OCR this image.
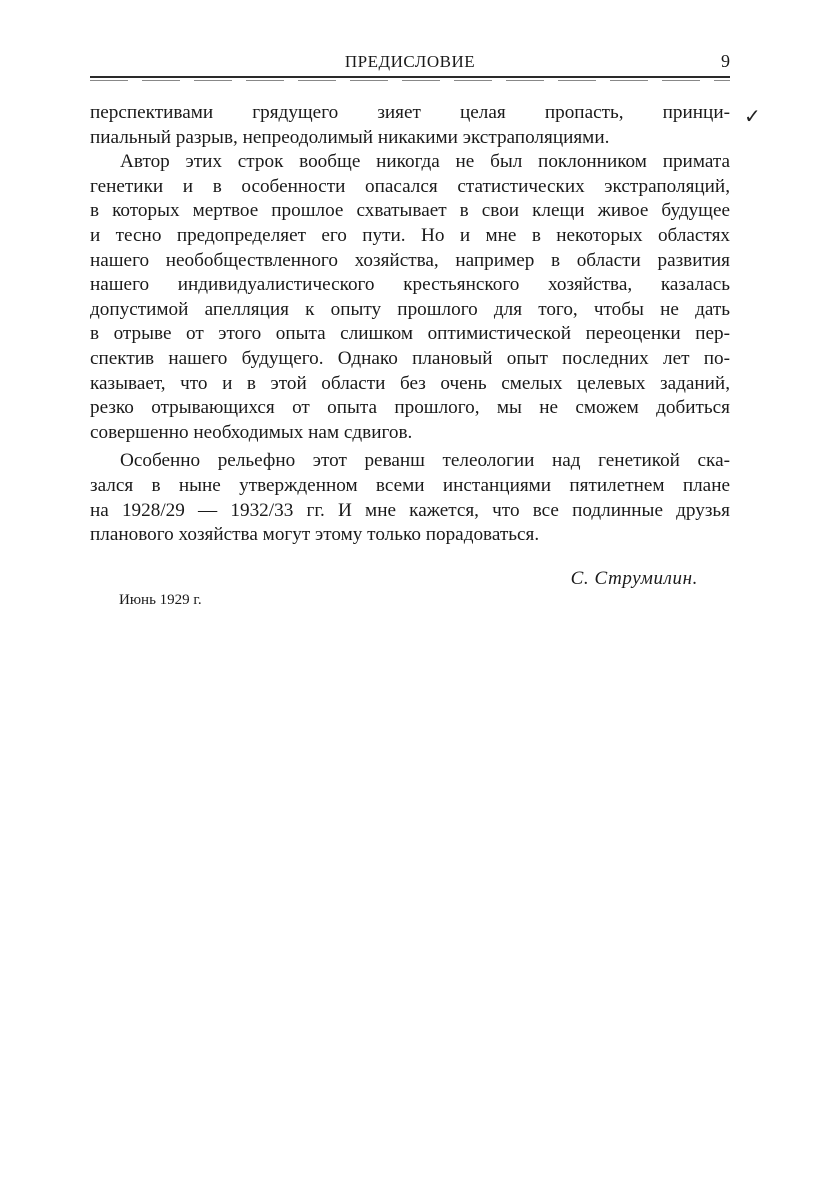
ПРЕДИСЛОВИЕ	9
✓
перспективами грядущего зияет целая пропасть, принци-
пиальный разрыв, непреодолимый никакими экстраполяциями.
Автор этих строк вообще никогда не был поклонником примата
генетики и в особенности опасался статистических экстраполяций,
в которых мертвое прошлое схватывает в свои клещи живое будущее
и тесно предопределяет его пути. Но и мне в некоторых областях
нашего необобществленного хозяйства, например в области развития
нашего индивидуалистического крестьянского хозяйства, казалась
допустимой апелляция к опыту прошлого для того, чтобы не дать
в отрыве от этого опыта слишком оптимистической переоценки пер-
спектив нашего будущего. Однако плановый опыт последних лет по-
казывает, что и в этой области без очень смелых целевых заданий,
резко отрывающихся от опыта прошлого, мы не сможем добиться
совершенно необходимых нам сдвигов.
Особенно рельефно этот реванш телеологии над генетикой ска-
зался в ныне утвержденном всеми инстанциями пятилетнем плане
на 1928/29 — 1932/33 гг. И мне кажется, что все подлинные друзья
планового хозяйства могут этому только порадоваться.
С. Струмилин.
Июнь 1929 г.
